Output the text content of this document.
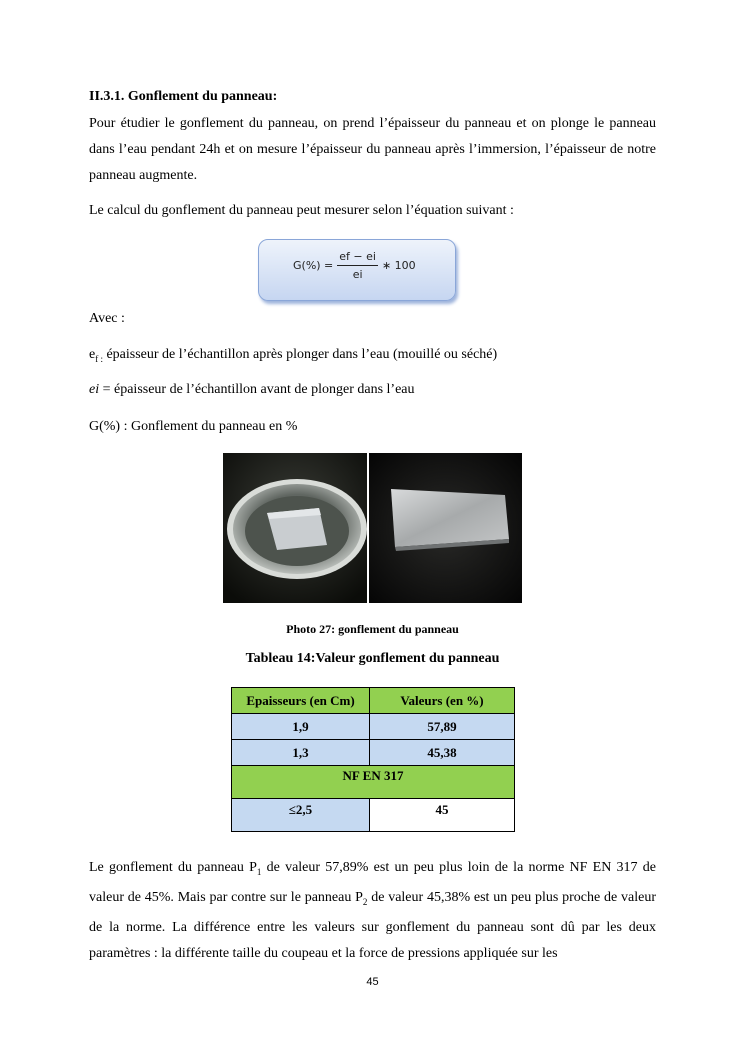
II.3.1. Gonflement du panneau:
Pour étudier le gonflement du panneau, on prend l’épaisseur du panneau et on plonge le panneau dans l’eau pendant 24h et on mesure l’épaisseur du panneau après l’immersion, l’épaisseur de notre panneau augmente.
Le calcul du gonflement du panneau peut mesurer selon l’équation suivant :
$G(\%) = \frac{ef - ei}{ei}$ ∗ 100
Avec :
$e_{f :}$ épaisseur de l’échantillon après plonger dans l’eau (mouillé ou séché)
ei = épaisseur de l’échantillon avant de plonger dans l’eau
G(%) : Gonflement du panneau en %
Photo 27: gonflement du panneau
Tableau 14:Valeur gonflement du panneau
Epaisseurs (en Cm)	Valeurs (en %)
1,9	57,89
1,3	45,38
NF EN 317	
≤2,5	45
Le gonflement du panneau $P_1$ de valeur 57,89% est un peu plus loin de la norme NF EN 317 de valeur de 45%. Mais par contre sur le panneau $P_2$ de valeur 45,38% est un peu plus proche de valeur de la norme. La différence entre les valeurs sur gonflement du panneau sont dû par les deux paramètres : la différente taille du coupeau et la force de pressions appliquée sur les
45
